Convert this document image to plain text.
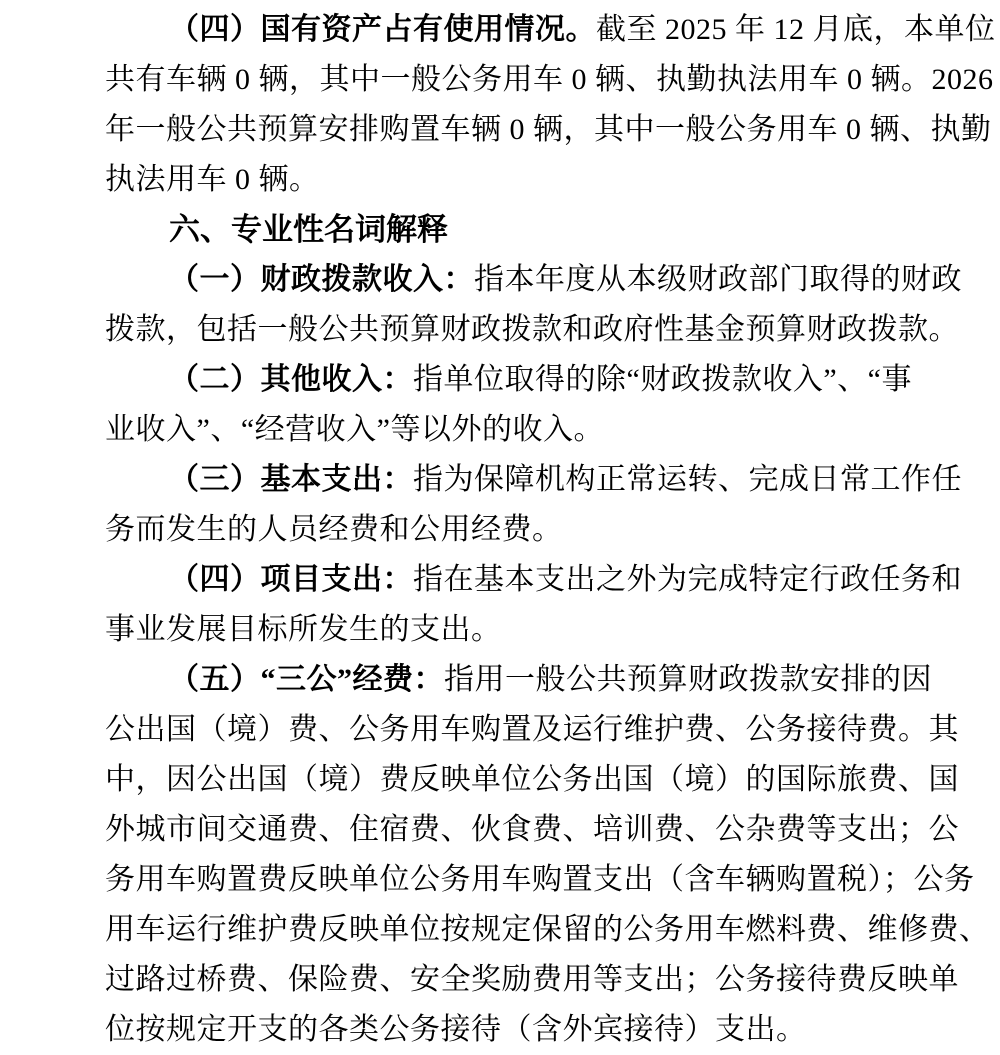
（四）国有资产占有使用情况。截至 2025 年 12 月底，本单位
共有车辆 0 辆，其中一般公务用车 0 辆、执勤执法用车 0 辆。2026
年一般公共预算安排购置车辆 0 辆，其中一般公务用车 0 辆、执勤
执法用车 0 辆。
六、专业性名词解释
（一）财政拨款收入：指本年度从本级财政部门取得的财政
拨款，包括一般公共预算财政拨款和政府性基金预算财政拨款。
（二）其他收入：指单位取得的除“财政拨款收入”、“事
业收入”、“经营收入”等以外的收入。
（三）基本支出：指为保障机构正常运转、完成日常工作任
务而发生的人员经费和公用经费。
（四）项目支出：指在基本支出之外为完成特定行政任务和
事业发展目标所发生的支出。
（五）“三公”经费：指用一般公共预算财政拨款安排的因
公出国（境）费、公务用车购置及运行维护费、公务接待费。其
中，因公出国（境）费反映单位公务出国（境）的国际旅费、国
外城市间交通费、住宿费、伙食费、培训费、公杂费等支出；公
务用车购置费反映单位公务用车购置支出（含车辆购置税）；公务
用车运行维护费反映单位按规定保留的公务用车燃料费、维修费、
过路过桥费、保险费、安全奖励费用等支出；公务接待费反映单
位按规定开支的各类公务接待（含外宾接待）支出。
